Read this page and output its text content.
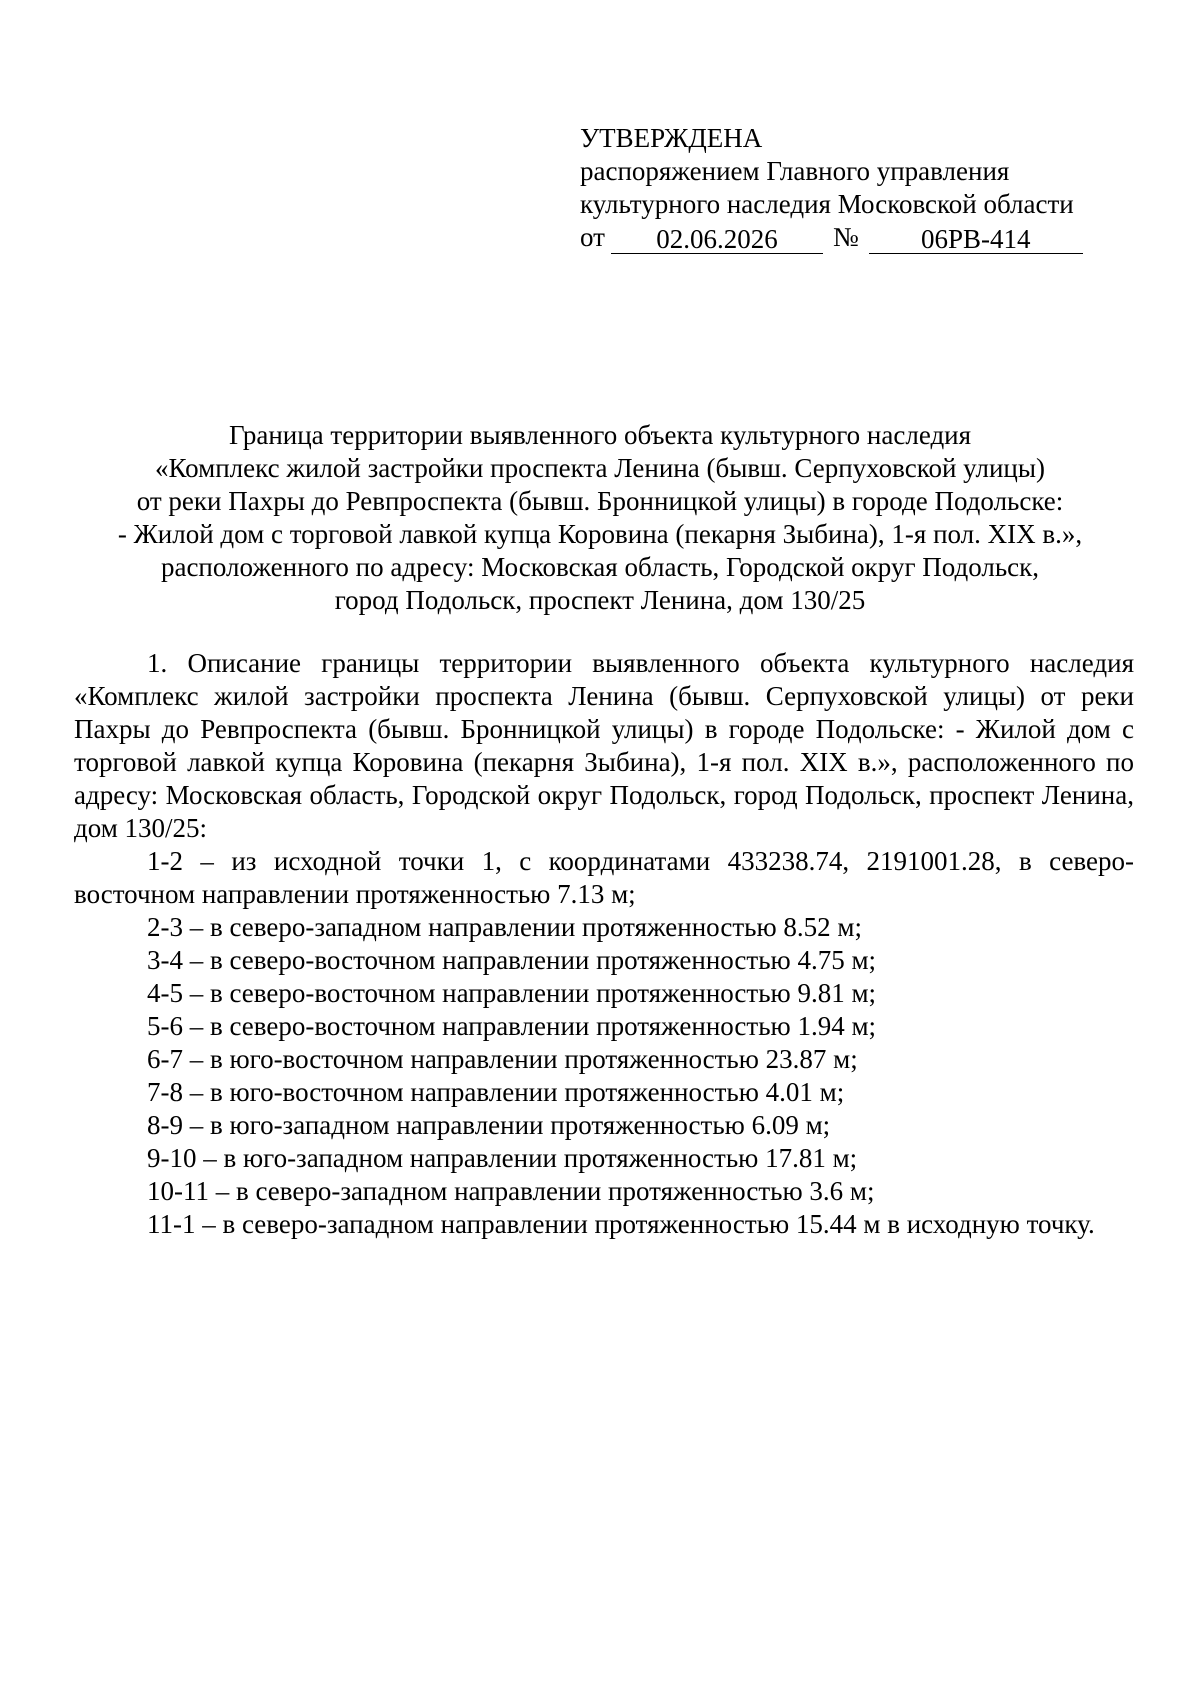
УТВЕРЖДЕНА
распоряжением Главного управления
культурного наследия Московской области
от	02.06.2026	№	06РВ-414
Граница территории выявленного объекта культурного наследия
«Комплекс жилой застройки проспекта Ленина (бывш. Серпуховской улицы)
от реки Пахры до Ревпроспекта (бывш. Бронницкой улицы) в городе Подольске:
- Жилой дом с торговой лавкой купца Коровина (пекарня Зыбина), 1-я пол. XIX в.»,
расположенного по адресу: Московская область, Городской округ Подольск,
город Подольск, проспект Ленина, дом 130/25

1. Описание границы территории выявленного объекта культурного наследия «Комплекс жилой застройки проспекта Ленина (бывш. Серпуховской улицы) от реки Пахры до Ревпроспекта (бывш. Бронницкой улицы) в городе Подольске: - Жилой дом с торговой лавкой купца Коровина (пекарня Зыбина), 1-я пол. XIX в.», расположенного по адресу: Московская область, Городской округ Подольск, город Подольск, проспект Ленина, дом 130/25:

1-2 – из исходной точки 1, с координатами 433238.74, 2191001.28, в северо-восточном направлении протяженностью 7.13 м;

2-3 – в северо-западном направлении протяженностью 8.52 м;

3-4 – в северо-восточном направлении протяженностью 4.75 м;

4-5 – в северо-восточном направлении протяженностью 9.81 м;

5-6 – в северо-восточном направлении протяженностью 1.94 м;

6-7 – в юго-восточном направлении протяженностью 23.87 м;

7-8 – в юго-восточном направлении протяженностью 4.01 м;

8-9 – в юго-западном направлении протяженностью 6.09 м;

9-10 – в юго-западном направлении протяженностью 17.81 м;

10-11 – в северо-западном направлении протяженностью 3.6 м;

11-1 – в северо-западном направлении протяженностью 15.44 м в исходную точку.
